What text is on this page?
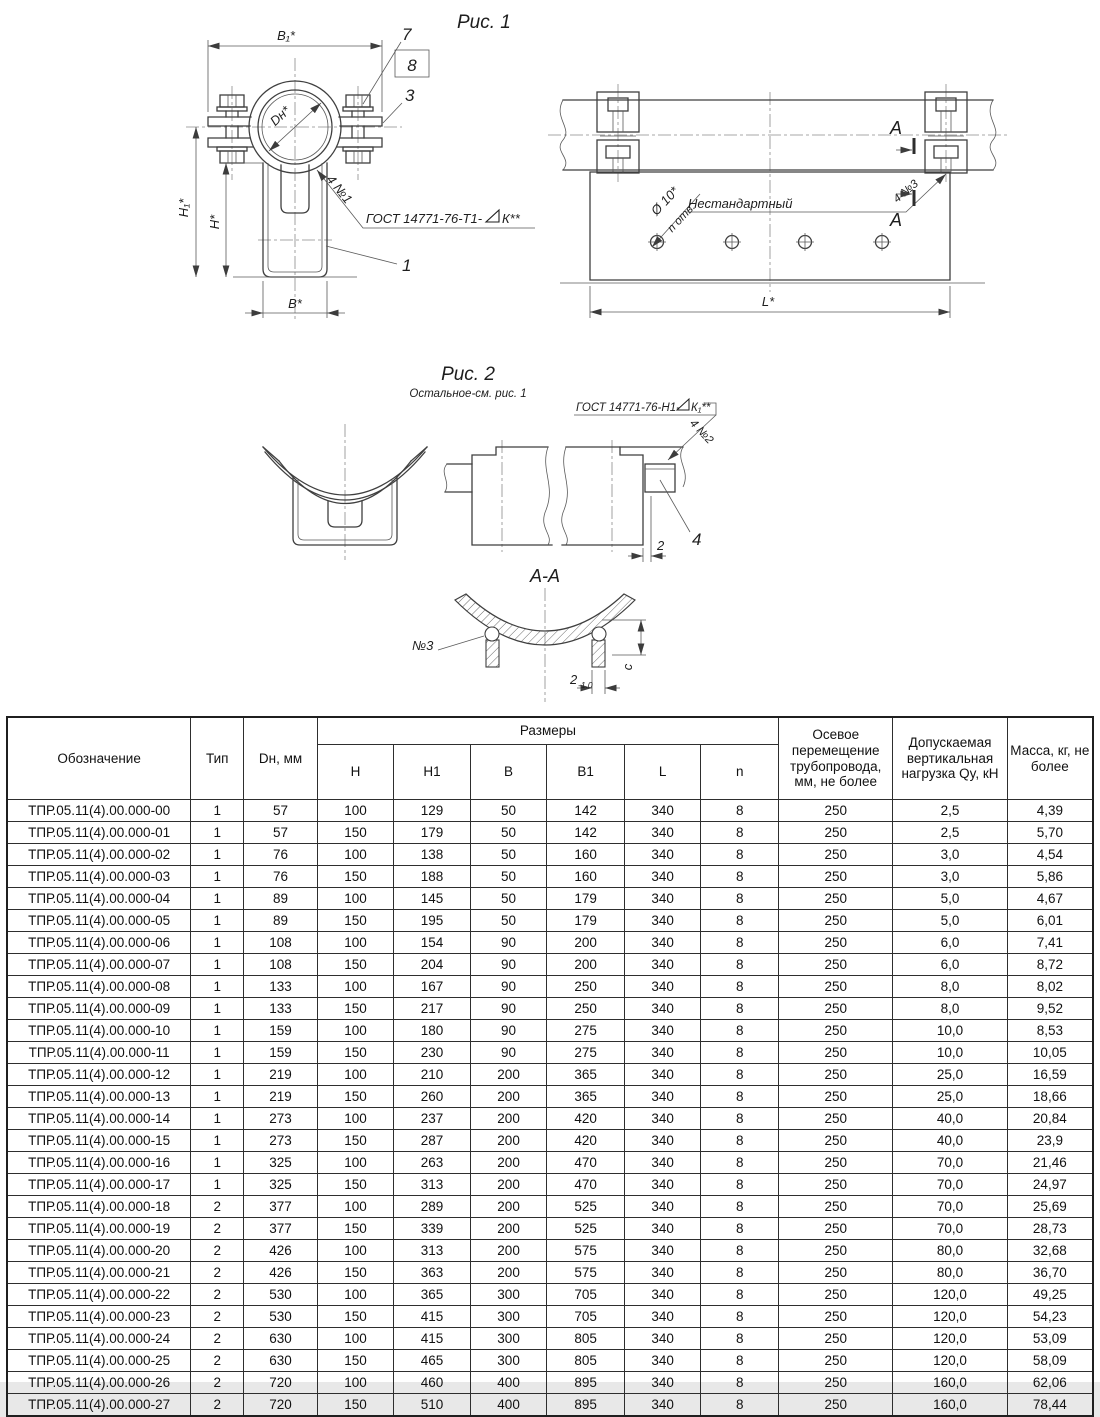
B₁*
H₁*
H*
B*
Dн*
4 №1
ГОСТ 14771-76-Т1- К**
7
8
3
1
Рис. 1
Ø 10*
n отв.
Нестандартный	4 №3
А
А
L*
Рис. 2
Остальное-см. рис. 1
2 4
ГОСТ 14771-76-Н1- К₁**
4 №2
А-А
№3
c
2 -1.0
Обозначение	Тип	Dн, мм	Размеры						Осевое перемещение трубопровода, мм, не более	Допускаемая вертикальная нагрузка Qy, кН	Масса, кг, не более
			H	H1	B	B1	L	n			
ТПР.05.11(4).00.000-00	1	57	100	129	50	142	340	8	250	2,5	4,39
ТПР.05.11(4).00.000-01	1	57	150	179	50	142	340	8	250	2,5	5,70
ТПР.05.11(4).00.000-02	1	76	100	138	50	160	340	8	250	3,0	4,54
ТПР.05.11(4).00.000-03	1	76	150	188	50	160	340	8	250	3,0	5,86
ТПР.05.11(4).00.000-04	1	89	100	145	50	179	340	8	250	5,0	4,67
ТПР.05.11(4).00.000-05	1	89	150	195	50	179	340	8	250	5,0	6,01
ТПР.05.11(4).00.000-06	1	108	100	154	90	200	340	8	250	6,0	7,41
ТПР.05.11(4).00.000-07	1	108	150	204	90	200	340	8	250	6,0	8,72
ТПР.05.11(4).00.000-08	1	133	100	167	90	250	340	8	250	8,0	8,02
ТПР.05.11(4).00.000-09	1	133	150	217	90	250	340	8	250	8,0	9,52
ТПР.05.11(4).00.000-10	1	159	100	180	90	275	340	8	250	10,0	8,53
ТПР.05.11(4).00.000-11	1	159	150	230	90	275	340	8	250	10,0	10,05
ТПР.05.11(4).00.000-12	1	219	100	210	200	365	340	8	250	25,0	16,59
ТПР.05.11(4).00.000-13	1	219	150	260	200	365	340	8	250	25,0	18,66
ТПР.05.11(4).00.000-14	1	273	100	237	200	420	340	8	250	40,0	20,84
ТПР.05.11(4).00.000-15	1	273	150	287	200	420	340	8	250	40,0	23,9
ТПР.05.11(4).00.000-16	1	325	100	263	200	470	340	8	250	70,0	21,46
ТПР.05.11(4).00.000-17	1	325	150	313	200	470	340	8	250	70,0	24,97
ТПР.05.11(4).00.000-18	2	377	100	289	200	525	340	8	250	70,0	25,69
ТПР.05.11(4).00.000-19	2	377	150	339	200	525	340	8	250	70,0	28,73
ТПР.05.11(4).00.000-20	2	426	100	313	200	575	340	8	250	80,0	32,68
ТПР.05.11(4).00.000-21	2	426	150	363	200	575	340	8	250	80,0	36,70
ТПР.05.11(4).00.000-22	2	530	100	365	300	705	340	8	250	120,0	49,25
ТПР.05.11(4).00.000-23	2	530	150	415	300	705	340	8	250	120,0	54,23
ТПР.05.11(4).00.000-24	2	630	100	415	300	805	340	8	250	120,0	53,09
ТПР.05.11(4).00.000-25	2	630	150	465	300	805	340	8	250	120,0	58,09
ТПР.05.11(4).00.000-26	2	720	100	460	400	895	340	8	250	160,0	62,06
ТПР.05.11(4).00.000-27	2	720	150	510	400	895	340	8	250	160,0	78,44
